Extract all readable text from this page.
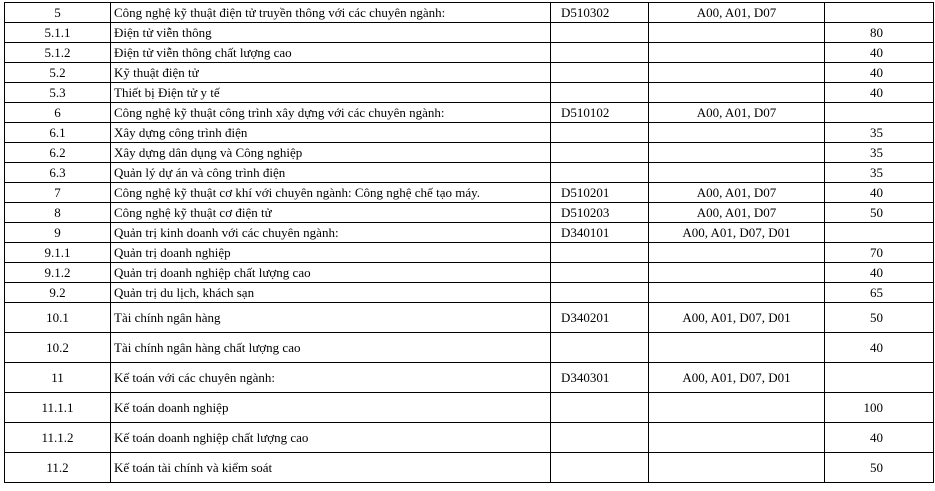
5	Công nghệ kỹ thuật điện tử truyền thông với các chuyên ngành:	D510302	A00, A01, D07	
5.1.1	Điện tử viễn thông			80
5.1.2	Điện tử viễn thông chất lượng cao			40
5.2	Kỹ thuật điện tử			40
5.3	Thiết bị Điện tử y tế			40
6	Công nghệ kỹ thuật công trình xây dựng với các chuyên ngành:	D510102	A00, A01, D07	
6.1	Xây dựng công trình điện			35
6.2	Xây dựng dân dụng và Công nghiệp			35
6.3	Quản lý dự án và công trình điện			35
7	Công nghệ kỹ thuật cơ khí với chuyên ngành: Công nghệ chế tạo máy.	D510201	A00, A01, D07	40
8	Công nghệ kỹ thuật cơ điện tử	D510203	A00, A01, D07	50
9	Quản trị kinh doanh với các chuyên ngành:	D340101	A00, A01, D07, D01	
9.1.1	Quản trị doanh nghiệp			70
9.1.2	Quản trị doanh nghiệp chất lượng cao			40
9.2	Quản trị du lịch, khách sạn			65
10.1	Tài chính ngân hàng	D340201	A00, A01, D07, D01	50
10.2	Tài chính ngân hàng chất lượng cao			40
11	Kế toán với các chuyên ngành:	D340301	A00, A01, D07, D01	
11.1.1	Kế toán doanh nghiệp			100
11.1.2	Kế toán doanh nghiệp chất lượng cao			40
11.2	Kế toán tài chính và kiểm soát			50
